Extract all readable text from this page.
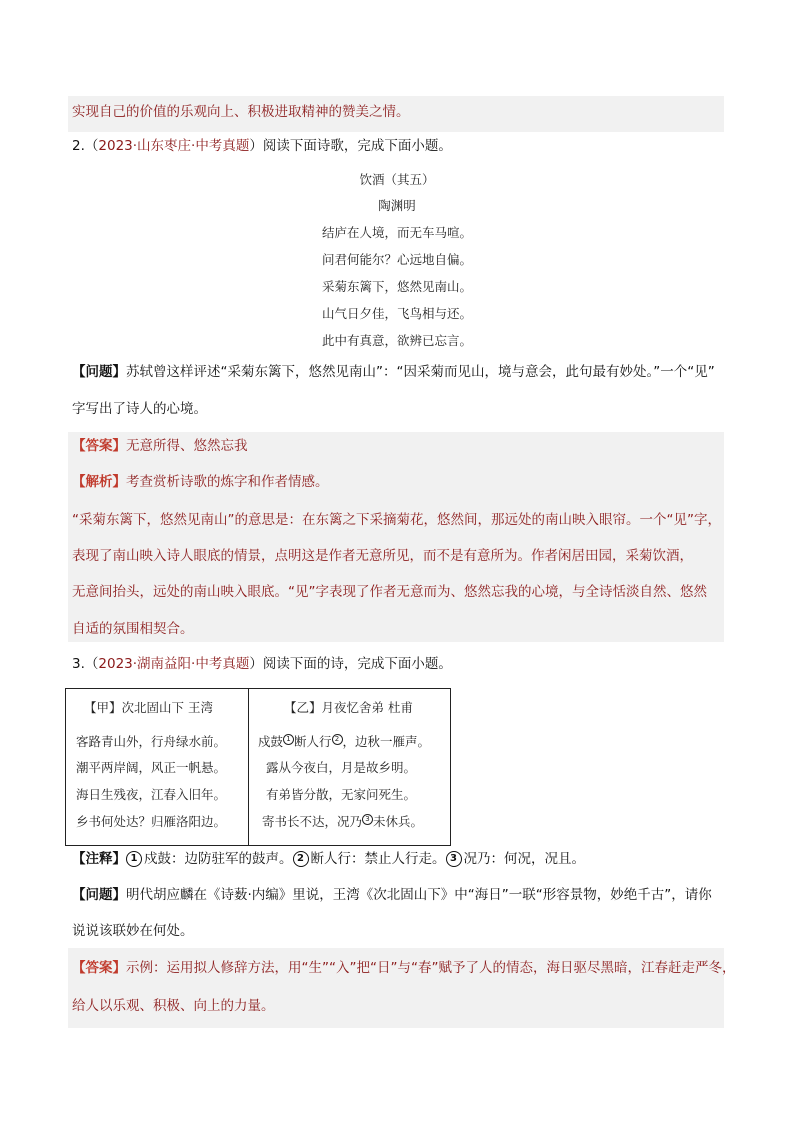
实现自己的价值的乐观向上、积极进取精神的赞美之情。
2.（2023·山东枣庄·中考真题）阅读下面诗歌，完成下面小题。
饮酒（其五）
陶渊明
结庐在人境，而无车马喧。
问君何能尔？心远地自偏。
采菊东篱下，悠然见南山。
山气日夕佳，飞鸟相与还。
此中有真意，欲辨已忘言。
【问题】苏轼曾这样评述“采菊东篱下，悠然见南山”：“因采菊而见山，境与意会，此句最有妙处。”一个“见”
字写出了诗人的心境。
【答案】无意所得、悠然忘我
【解析】考查赏析诗歌的炼字和作者情感。
“采菊东篱下，悠然见南山”的意思是：在东篱之下采摘菊花，悠然间，那远处的南山映入眼帘。一个“见”字，
表现了南山映入诗人眼底的情景，点明这是作者无意所见，而不是有意所为。作者闲居田园，采菊饮酒，
无意间抬头，远处的南山映入眼底。“见”字表现了作者无意而为、悠然忘我的心境，与全诗恬淡自然、悠然
自适的氛围相契合。
3.（2023·湖南益阳·中考真题）阅读下面的诗，完成下面小题。
【甲】次北固山下 王湾
客路青山外，行舟绿水前。
潮平两岸阔，风正一帆悬。
海日生残夜，江春入旧年。
乡书何处达？归雁洛阳边。
【乙】月夜忆舍弟 杜甫
戍鼓 1 断人行 2 ，边秋一雁声。
露从今夜白，月是故乡明。
有弟皆分散，无家问死生。
寄书长不达，况乃 3 未休兵。
【注释】 1 戍鼓：边防驻军的鼓声。 2 断人行：禁止人行走。 3 况乃：何况，况且。
【问题】明代胡应麟在《诗薮·内编》里说，王湾《次北固山下》中“海日”一联“形容景物，妙绝千古”，请你
说说该联妙在何处。
【答案】示例：运用拟人修辞方法，用“生”“入”把“日”与“春”赋予了人的情态，海日驱尽黑暗，江春赶走严冬，
给人以乐观、积极、向上的力量。
